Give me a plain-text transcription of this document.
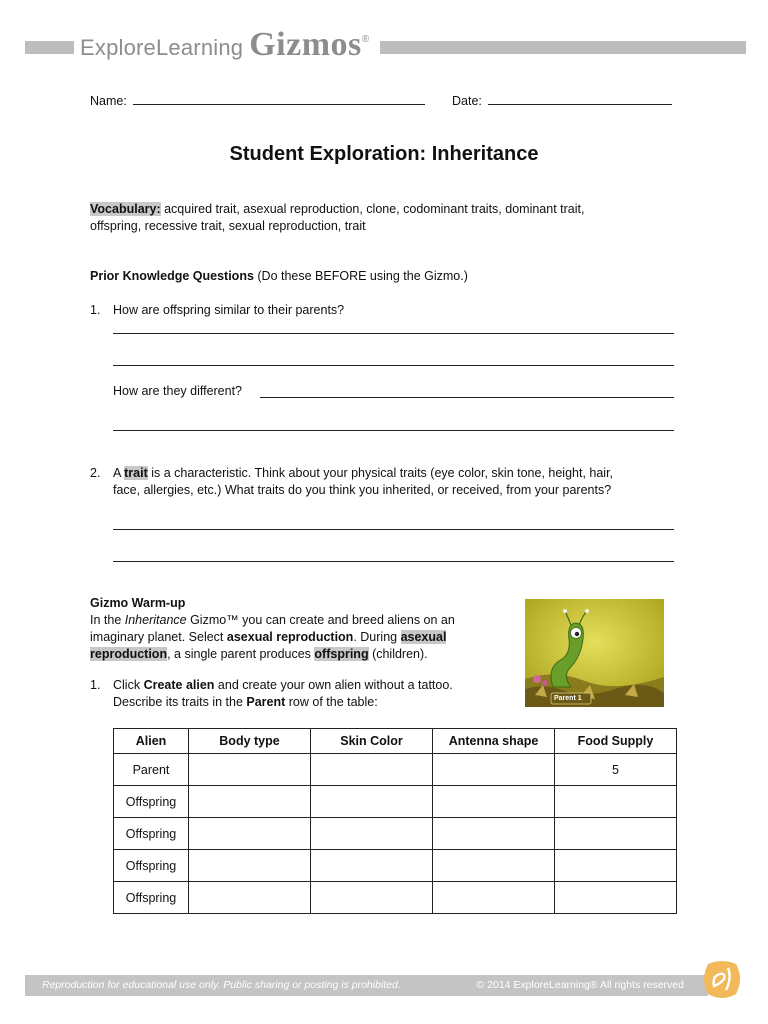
ExploreLearning Gizmos ®
Name:	Date:
Student Exploration: Inheritance
Vocabulary: acquired trait, asexual reproduction, clone, codominant traits, dominant trait,
offspring, recessive trait, sexual reproduction, trait
Prior Knowledge Questions (Do these BEFORE using the Gizmo.)
1. How are offspring similar to their parents?
How are they different?
2. A trait is a characteristic. Think about your physical traits (eye color, skin tone, height, hair,
face, allergies, etc.) What traits do you think you inherited, or received, from your parents?
Gizmo Warm-up
In the Inheritance Gizmo™ you can create and breed aliens on an
imaginary planet. Select asexual reproduction. During asexual
reproduction, a single parent produces offspring (children).
1. Click Create alien and create your own alien without a tattoo.
Describe its traits in the Parent row of the table:	Parent 1
Alien	Body type	Skin Color	Antenna shape	Food Supply
Parent				5
Offspring				
Offspring				
Offspring				
Offspring				
Reproduction for educational use only. Public sharing or posting is prohibited.	© 2014 ExploreLearning® All rights reserved
